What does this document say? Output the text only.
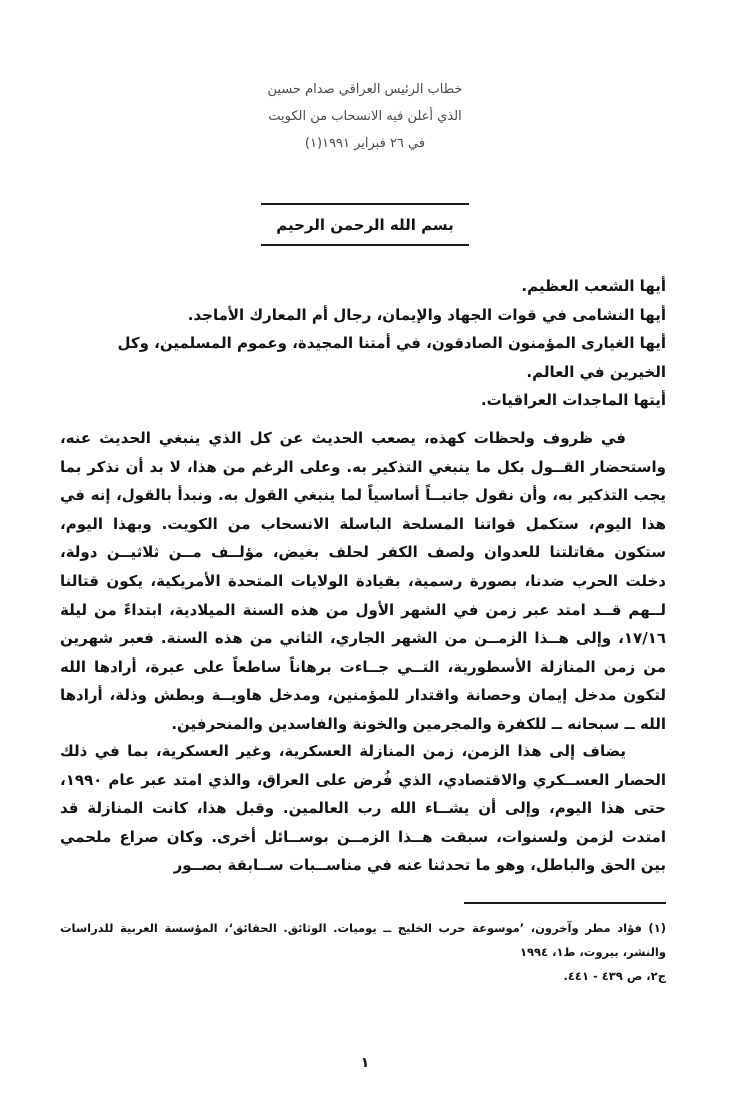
خطاب الرئيس العراقي صدام حسين
الذي أعلن فيه الانسحاب من الكويت
في ٢٦ فبراير ١٩٩١(١)
بسم الله الرحمن الرحيم
أيها الشعب العظيم.
أيها النشامى في قوات الجهاد والإيمان، رجال أم المعارك الأماجد.
أيها الغيارى المؤمنون الصادقون، في أمتنا المجيدة، وعموم المسلمين، وكل الخيرين في العالم.
أيتها الماجدات العراقيات.

في ظروف ولحظات كهذه، يصعب الحديث عن كل الذي ينبغي الحديث عنه، واستحضار القــول بكل ما ينبغي التذكير به. وعلى الرغم من هذا، لا بد أن نذكر بما يجب التذكير به، وأن نقول جانبــاً أساسياً لما ينبغي القول به. ونبدأ بالقول، إنه في هذا اليوم، ستكمل قواتنا المسلحة الباسلة الانسحاب من الكويت. وبهذا اليوم، ستكون مقاتلتنا للعدوان ولصف الكفر لحلف بغيض، مؤلــف مــن ثلاثيــن دولة، دخلت الحرب ضدنا، بصورة رسمية، بقيادة الولايات المتحدة الأمريكية، يكون قتالنا لــهم قــد امتد عبر زمن في الشهر الأول من هذه السنة الميلادية، ابتداءً من ليلة ١٧/١٦، وإلى هــذا الزمــن من الشهر الجاري، الثاني من هذه السنة. فعبر شهرين من زمن المنازلة الأسطورية، التــي جــاءت برهاناً ساطعاً على عبرة، أرادها الله لتكون مدخل إيمان وحصانة واقتدار للمؤمنين، ومدخل هاويــة وبطش وذلة، أرادها الله ــ سبحانه ــ للكفرة والمجرمين والخونة والفاسدين والمنحرفين.

يضاف إلى هذا الزمن، زمن المنازلة العسكرية، وغير العسكرية، بما في ذلك الحصار العســكري والاقتصادي، الذي فُرض على العراق، والذي امتد عبر عام ١٩٩٠، حتى هذا اليوم، وإلى أن يشــاء الله رب العالمين. وقبل هذا، كانت المنازلة قد امتدت لزمن ولسنوات، سبقت هــذا الزمــن بوســائل أخرى. وكان صراع ملحمي بين الحق والباطل، وهو ما تحدثنا عنه في مناســبات ســابقة بصــور

(١) فؤاد مطر وآخرون، ’موسوعة حرب الخليج ــ يوميات. الوثائق. الحقائق‘، المؤسسة العربية للدراسات والنشر، بيروت، ط١، ١٩٩٤
ج٢، ص ٤٣٩ - ٤٤١.
١
